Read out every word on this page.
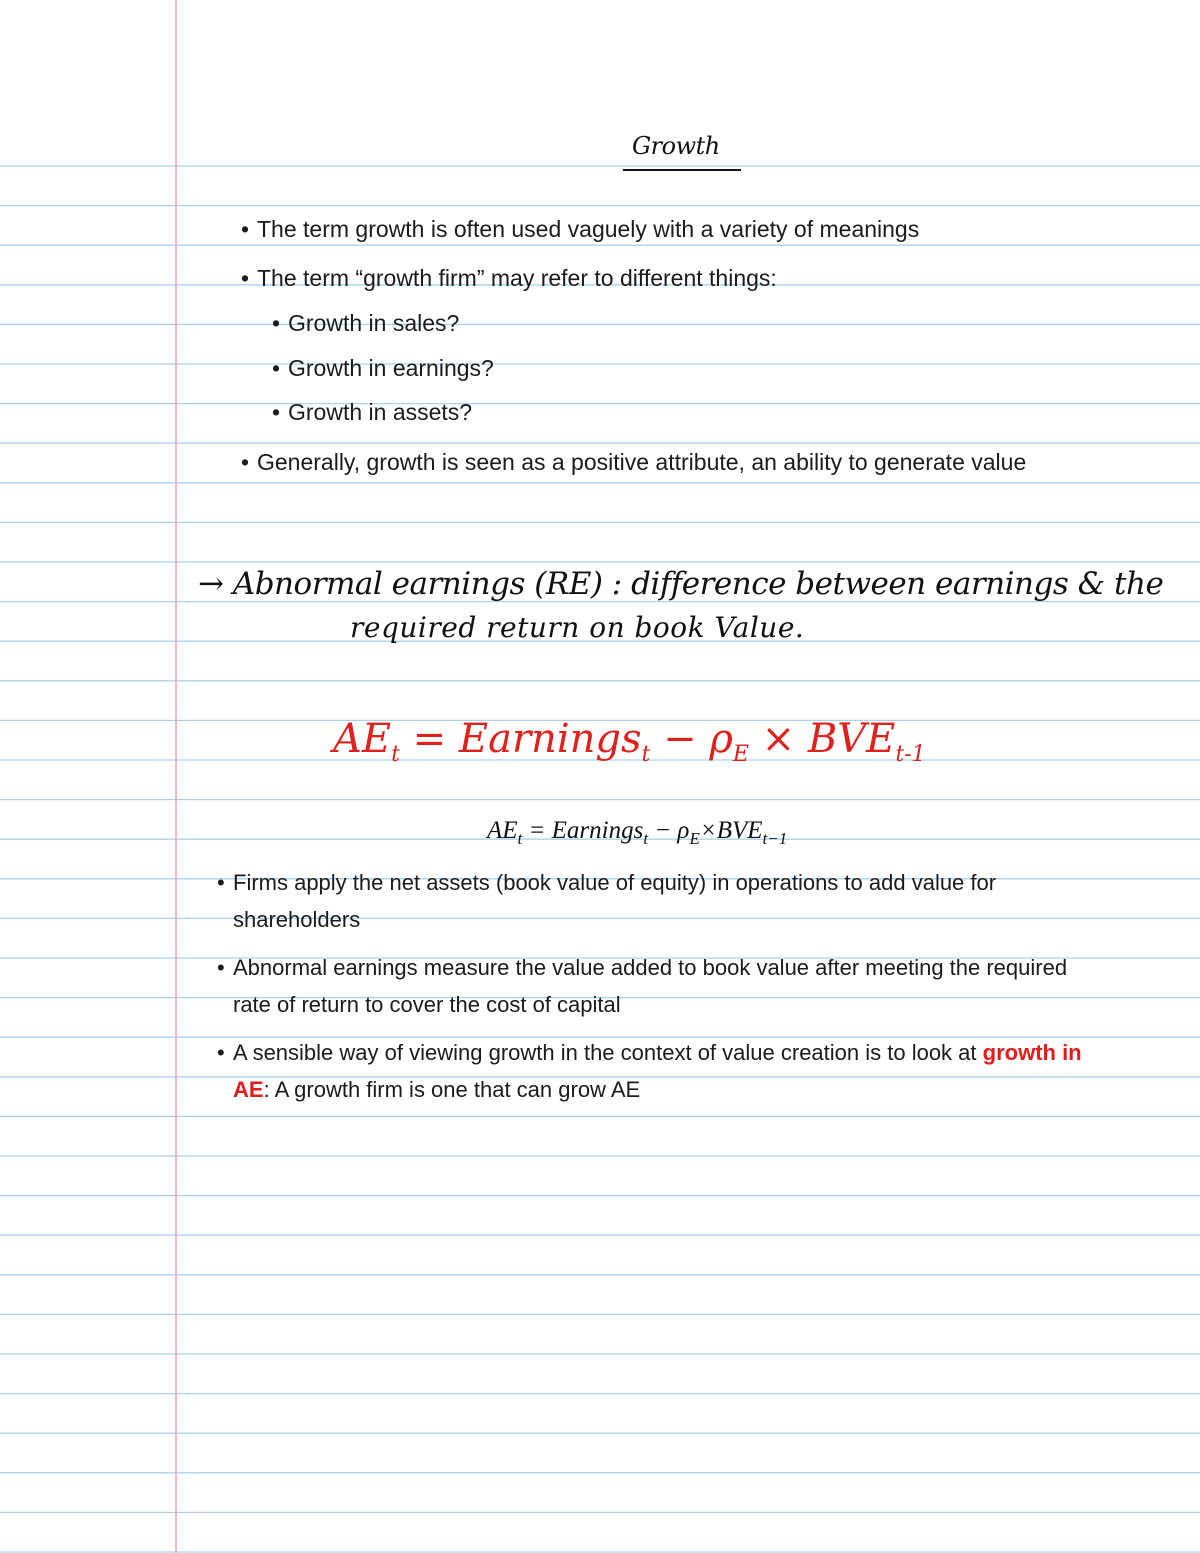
Growth
• The term growth is often used vaguely with a variety of meanings
• The term “growth firm” may refer to different things:
• Growth in sales?
• Growth in earnings?
• Growth in assets?
• Generally, growth is seen as a positive attribute, an ability to generate value
→ Abnormal earnings (RE) : difference between earnings & the
required return on book Value.
$AE_t$ = Earnings$_t$ − $\rho_E \times BVE_{t-1}$
$AE_t$ = Earnings$_t$ − $\rho_E\times BVE_{t-1}$
• Firms apply the net assets (book value of equity) in operations to add value for shareholders
• Abnormal earnings measure the value added to book value after meeting the required rate of return to cover the cost of capital
• A sensible way of viewing growth in the context of value creation is to look at growth in AE: A growth firm is one that can grow AE
